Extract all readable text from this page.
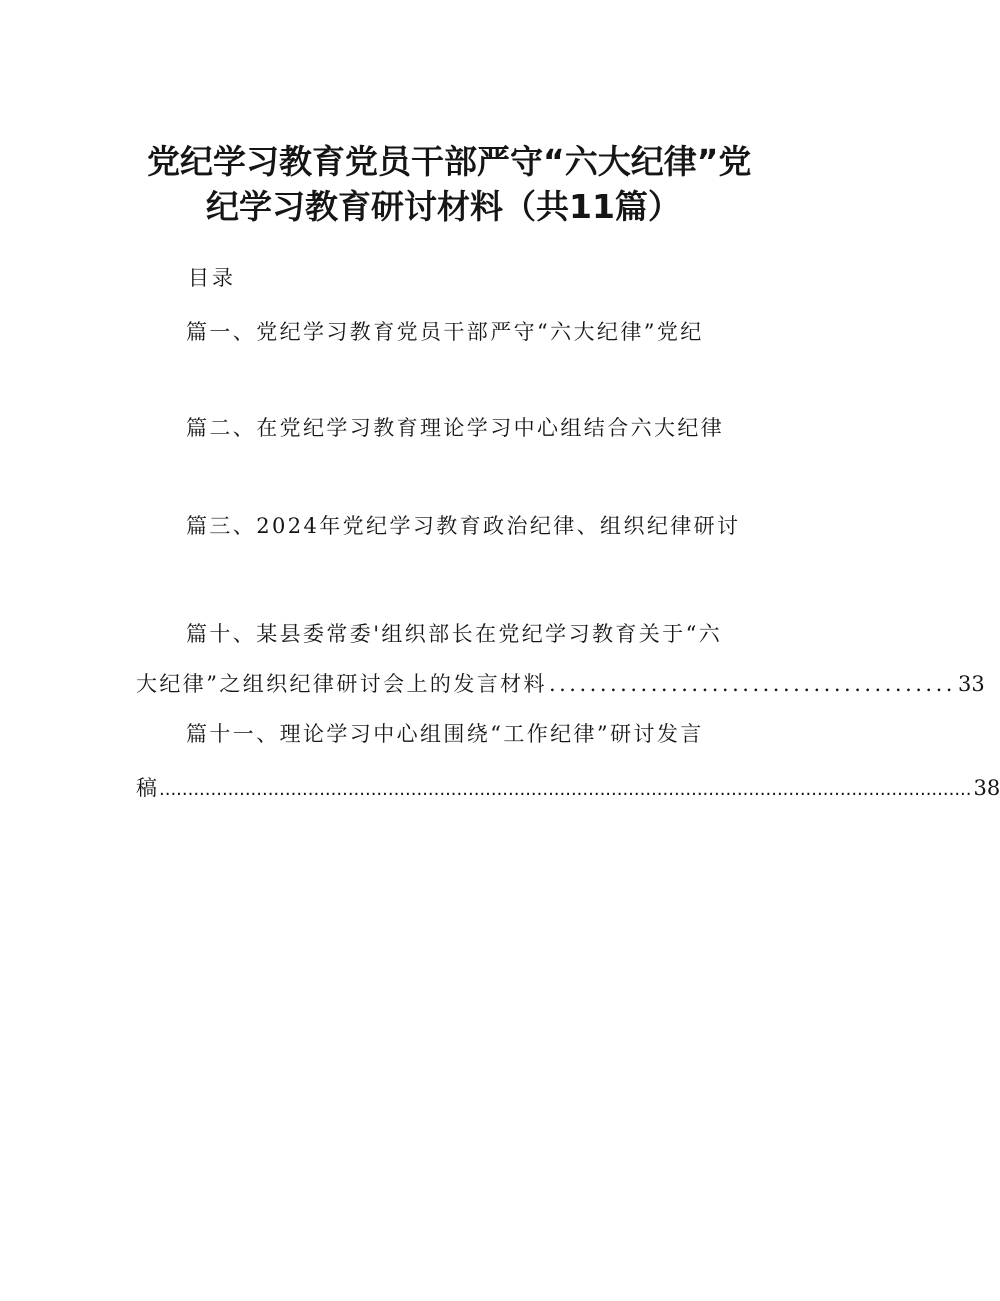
党纪学习教育党员干部严守“六大纪律”党
纪学习教育研讨材料（共11篇）
目录
篇一、党纪学习教育党员干部严守“六大纪律”党纪
篇二、在党纪学习教育理论学习中心组结合六大纪律
篇三、2024年党纪学习教育政治纪律、组织纪律研讨
篇十、某县委常委'组织部长在党纪学习教育关于“六
大纪律”之组织纪律研讨会上的发言材料 ........................................ 33
篇十一、理论学习中心组围绕“工作纪律”研讨发言
稿 .............................................................................................................................................. 38
